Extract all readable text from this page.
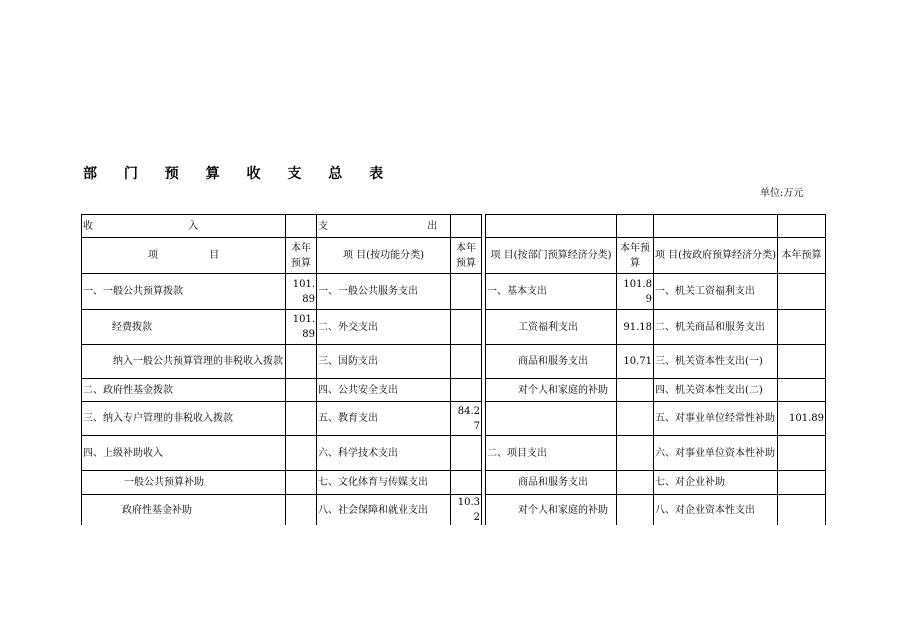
部 门 预 算 收 支 总 表
单位:万元
收 入		支 出						
项 目	本年预算	项 目(按功能分类)	本年预算		项 目(按部门预算经济分类)	本年预算	项 目(按政府预算经济分类)	本年预算
一、一般公共预算拨款	101.89	一、一般公共服务支出			一、基本支出	101.89	一、机关工资福利支出	
经费拨款	101.89	二、外交支出			工资福利支出	91.18	二、机关商品和服务支出	
纳入一般公共预算管理的非税收入拨款		三、国防支出			商品和服务支出	10.71	三、机关资本性支出(一)	
二、政府性基金拨款		四、公共安全支出			对个人和家庭的补助		四、机关资本性支出(二)	
三、纳入专户管理的非税收入拨款		五、教育支出	84.27				五、对事业单位经常性补助	101.89
四、上级补助收入		六、科学技术支出			二、项目支出		六、对事业单位资本性补助	
一般公共预算补助		七、文化体育与传媒支出			商品和服务支出		七、对企业补助	
政府性基金补助		八、社会保障和就业支出	10.32		对个人和家庭的补助		八、对企业资本性支出	
